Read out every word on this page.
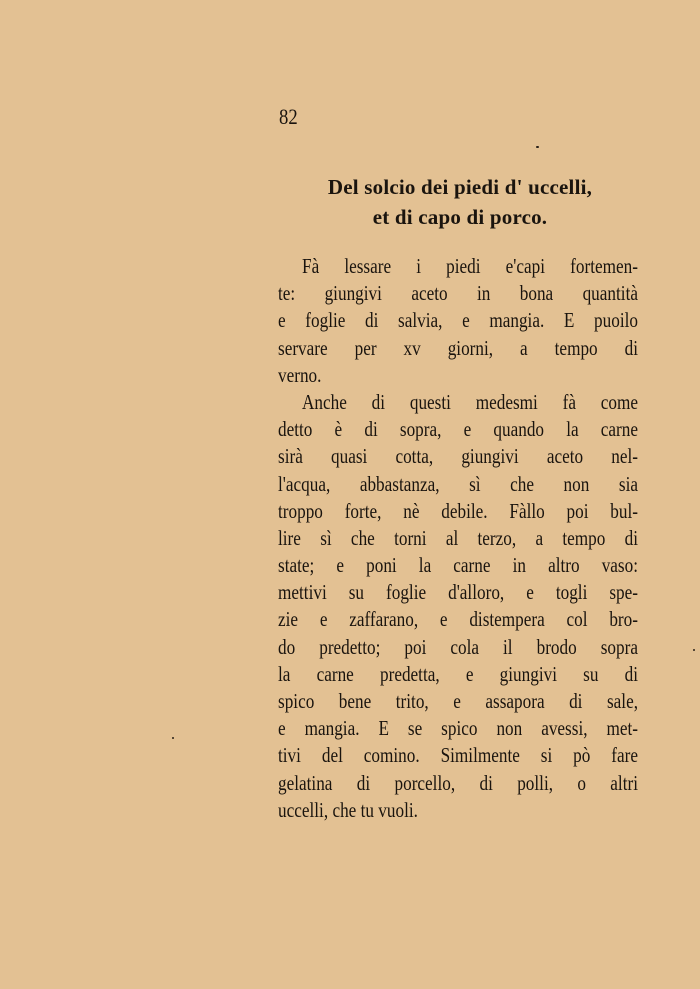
82
Del solcio dei piedi d' uccelli,
et di capo di porco.
Fà lessare i piedi e'capi fortemen-
te: giungivi aceto in bona quantità
e foglie di salvia, e mangia. E puoilo
servare per xv giorni, a tempo di
verno.
Anche di questi medesmi fà come
detto è di sopra, e quando la carne
sirà quasi cotta, giungivi aceto nel-
l'acqua, abbastanza, sì che non sia
troppo forte, nè debile. Fàllo poi bul-
lire sì che torni al terzo, a tempo di
state; e poni la carne in altro vaso:
mettivi su foglie d'alloro, e togli spe-
zie e zaffarano, e distempera col bro-
do predetto; poi cola il brodo sopra
la carne predetta, e giungivi su di
spico bene trito, e assapora di sale,
e mangia. E se spico non avessi, met-
tivi del comino. Similmente si pò fare
gelatina di porcello, di polli, o altri
uccelli, che tu vuoli.
